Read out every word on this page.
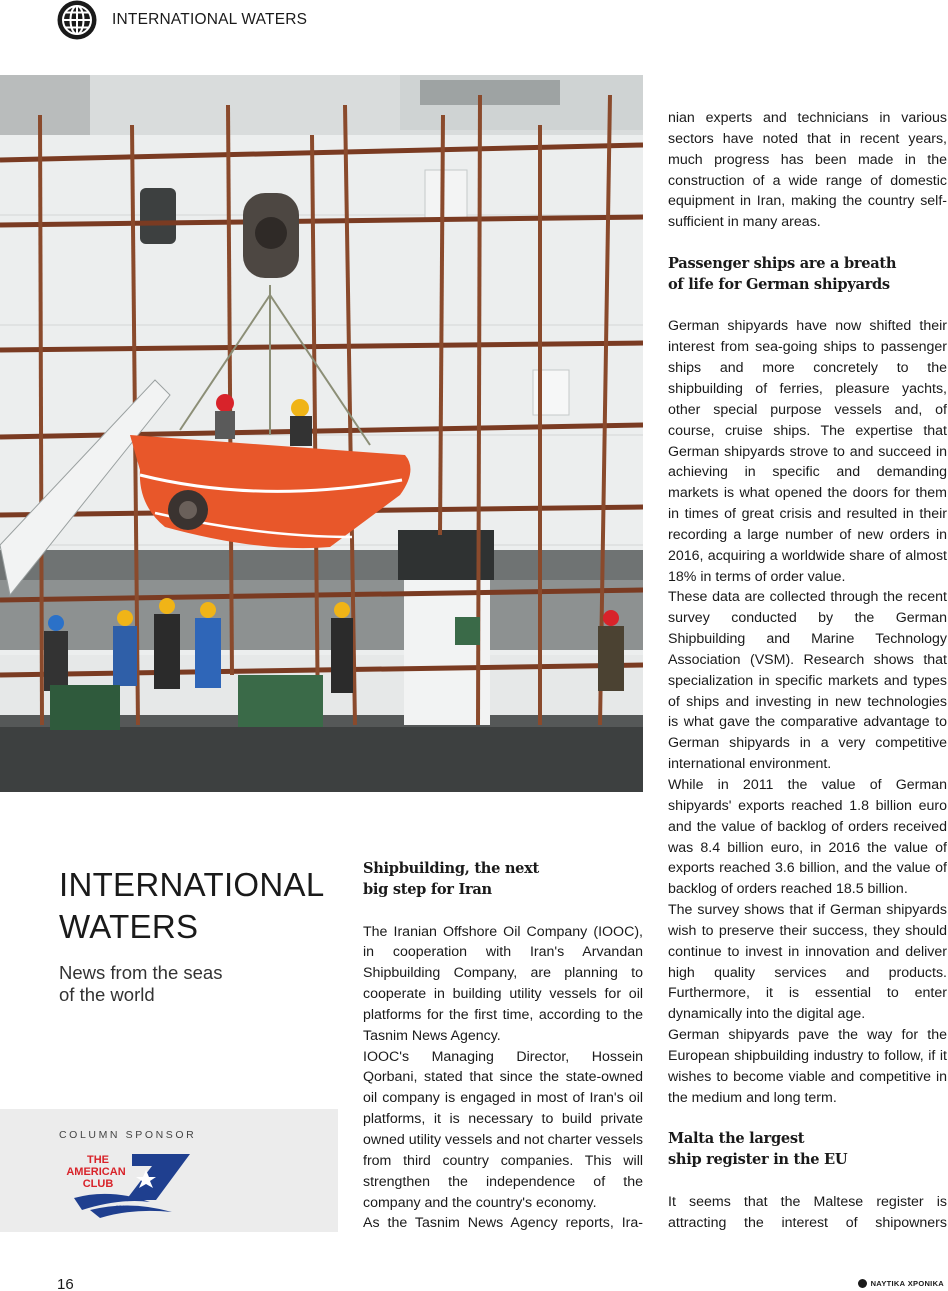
INTERNATIONAL WATERS
INTERNATIONAL
WATERS
News from the seas
of the world
COLUMN SPONSOR
THE
AMERICAN
CLUB
1917
Shipbuilding, the next
big step for Iran

The Iranian Offshore Oil Company (IOOC), in cooperation with Iran's Arvandan Shipbuilding Company, are planning to cooperate in building utility vessels for oil platforms for the first time, according to the Tasnim News Agency.

IOOC's Managing Director, Hossein Qorbani, stated that since the state-owned oil company is engaged in most of Iran's oil platforms, it is necessary to build private owned utility vessels and not charter vessels from third country companies. This will strengthen the independence of the company and the country's economy.

As the Tasnim News Agency reports, Ira-

nian experts and technicians in various sectors have noted that in recent years, much progress has been made in the construction of a wide range of domestic equipment in Iran, making the country self-sufficient in many areas.

Passenger ships are a breath
of life for German shipyards

German shipyards have now shifted their interest from sea-going ships to passenger ships and more concretely to the shipbuilding of ferries, pleasure yachts, other special purpose vessels and, of course, cruise ships. The expertise that German shipyards strove to and succeed in achieving in specific and demanding markets is what opened the doors for them in times of great crisis and resulted in their recording a large number of new orders in 2016, acquiring a worldwide share of almost 18% in terms of order value.

These data are collected through the recent survey conducted by the German Shipbuilding and Marine Technology Association (VSM). Research shows that specialization in specific markets and types of ships and investing in new technologies is what gave the comparative advantage to German shipyards in a very competitive international environment.

While in 2011 the value of German shipyards' exports reached 1.8 billion euro and the value of backlog of orders received was 8.4 billion euro, in 2016 the value of exports reached 3.6 billion, and the value of backlog of orders reached 18.5 billion.

The survey shows that if German shipyards wish to preserve their success, they should continue to invest in innovation and deliver high quality services and products. Furthermore, it is essential to enter dynamically into the digital age.

German shipyards pave the way for the European shipbuilding industry to follow, if it wishes to become viable and competitive in the medium and long term.

Malta the largest
ship register in the EU

It seems that the Maltese register is attracting the interest of shipowners

16	ΝΑΥΤΙΚΑ ΧΡΟΝΙΚΑ
